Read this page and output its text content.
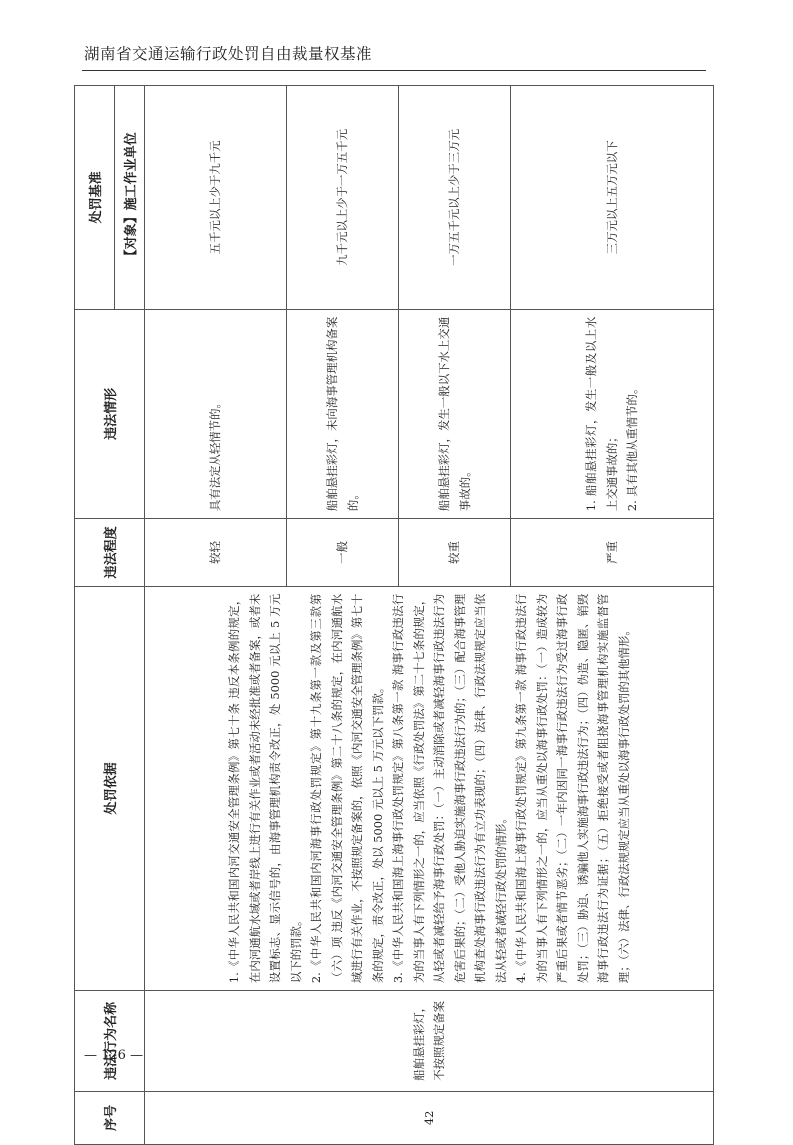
湖南省交通运输行政处罚自由裁量权基准
序号	违法行为名称	处罚依据	违法程度	违法情形	处罚基准
					【对象】施工作业单位
42	船舶悬挂彩灯，不按照规定备案	1.《中华人民共和国内河交通安全管理条例》第七十条 违反本条例的规定，在内河通航水域或者岸线上进行有关作业或者活动未经批准或者备案，或者未设置标志、显示信号的，由海事管理机构责令改正，处 5000 元以上 5 万元以下的罚款。 2.《中华人民共和国内河海事行政处罚规定》第十九条第一款及第三款第（六）项 违反《内河交通安全管理条例》第二十八条的规定，在内河通航水域进行有关作业，不按照规定备案的，依照《内河交通安全管理条例》第七十条的规定，责令改正，处以 5000 元以上 5 万元以下罚款。 3.《中华人民共和国海上海事行政处罚规定》第八条第一款 海事行政违法行为的当事人有下列情形之一的，应当依照《行政处罚法》第二十七条的规定，从轻或者减轻给予海事行政处罚：（一）主动消除或者减轻海事行政违法行为危害后果的；（二）受他人胁迫实施海事行政违法行为的；（三）配合海事管理机构查处海事行政违法行为有立功表现的；（四）法律、行政法规规定应当依法从轻或者减轻行政处罚的情形。 4.《中华人民共和国海上海事行政处罚规定》第九条第一款 海事行政违法行为的当事人有下列情形之一的，应当从重处以海事行政处罚：（一）造成较为严重后果或者情节恶劣；（二）一年内因同一海事行政违法行为受过海事行政处罚；（三）胁迫、诱骗他人实施海事行政违法行为；（四）伪造、隐匿、销毁海事行政违法行为证据；（五）拒绝接受或者阻挠海事管理机构实施监督管理；（六）法律、行政法规规定应当从重处以海事行政处罚的其他情形。	较轻	具有法定从轻情节的。	五千元以上少于九千元
			一般	船舶悬挂彩灯，未向海事管理机构备案的。	九千元以上少于一万五千元
			较重	船舶悬挂彩灯，发生一般以下水上交通事故的。	一万五千元以上少于三万元
			严重	1. 船舶悬挂彩灯，发生一般及以上水上交通事故的； 2. 具有其他从重情节的。	三万元以上五万元以下
— 126 —
